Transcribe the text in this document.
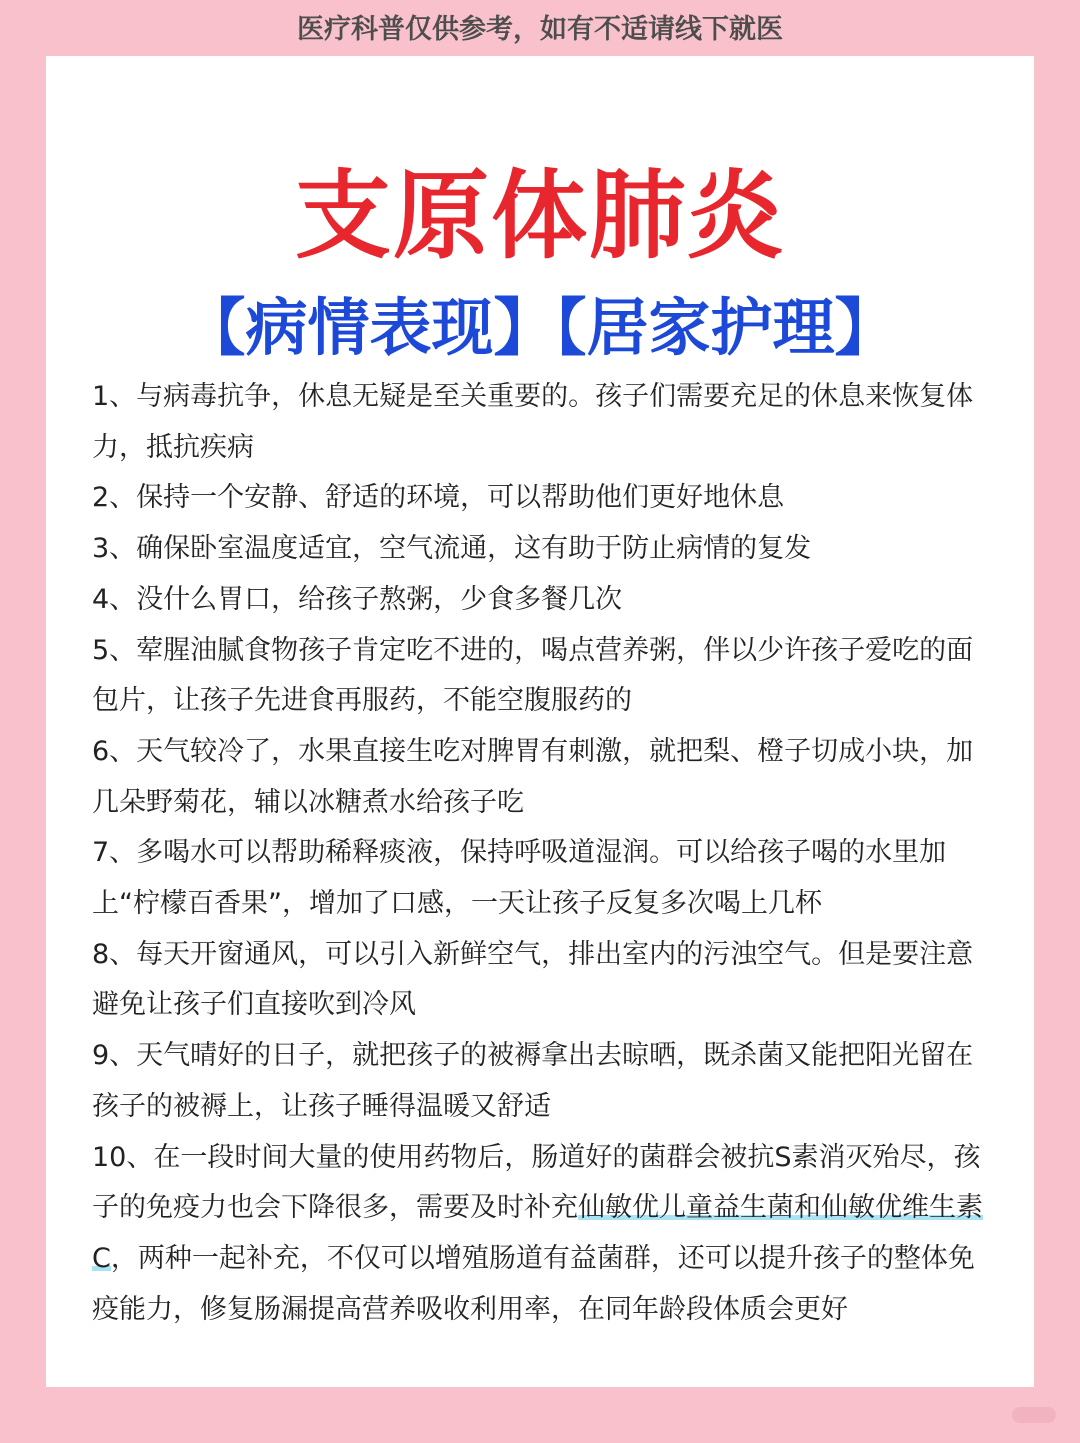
医疗科普仅供参考，如有不适请线下就医

支原体肺炎
【病情表现】【居家护理】
1、与病毒抗争，休息无疑是至关重要的。孩子们需要充足的休息来恢复体力，抵抗疾病
2、保持一个安静、舒适的环境，可以帮助他们更好地休息
3、确保卧室温度适宜，空气流通，这有助于防止病情的复发
4、没什么胃口，给孩子熬粥，少食多餐几次
5、荤腥油腻食物孩子肯定吃不进的，喝点营养粥，伴以少许孩子爱吃的面包片，让孩子先进食再服药，不能空腹服药的
6、天气较冷了，水果直接生吃对脾胃有刺激，就把梨、橙子切成小块，加几朵野菊花，辅以冰糖煮水给孩子吃
7、多喝水可以帮助稀释痰液，保持呼吸道湿润。可以给孩子喝的水里加上“柠檬百香果”，增加了口感，一天让孩子反复多次喝上几杯
8、每天开窗通风，可以引入新鲜空气，排出室内的污浊空气。但是要注意避免让孩子们直接吹到冷风
9、天气晴好的日子，就把孩子的被褥拿出去晾晒，既杀菌又能把阳光留在孩子的被褥上，让孩子睡得温暖又舒适
10、在一段时间大量的使用药物后，肠道好的菌群会被抗S素消灭殆尽，孩子的免疫力也会下降很多，需要及时补充仙敏优儿童益生菌和仙敏优维生素C，两种一起补充，不仅可以增殖肠道有益菌群，还可以提升孩子的整体免疫能力，修复肠漏提高营养吸收利用率，在同年龄段体质会更好
